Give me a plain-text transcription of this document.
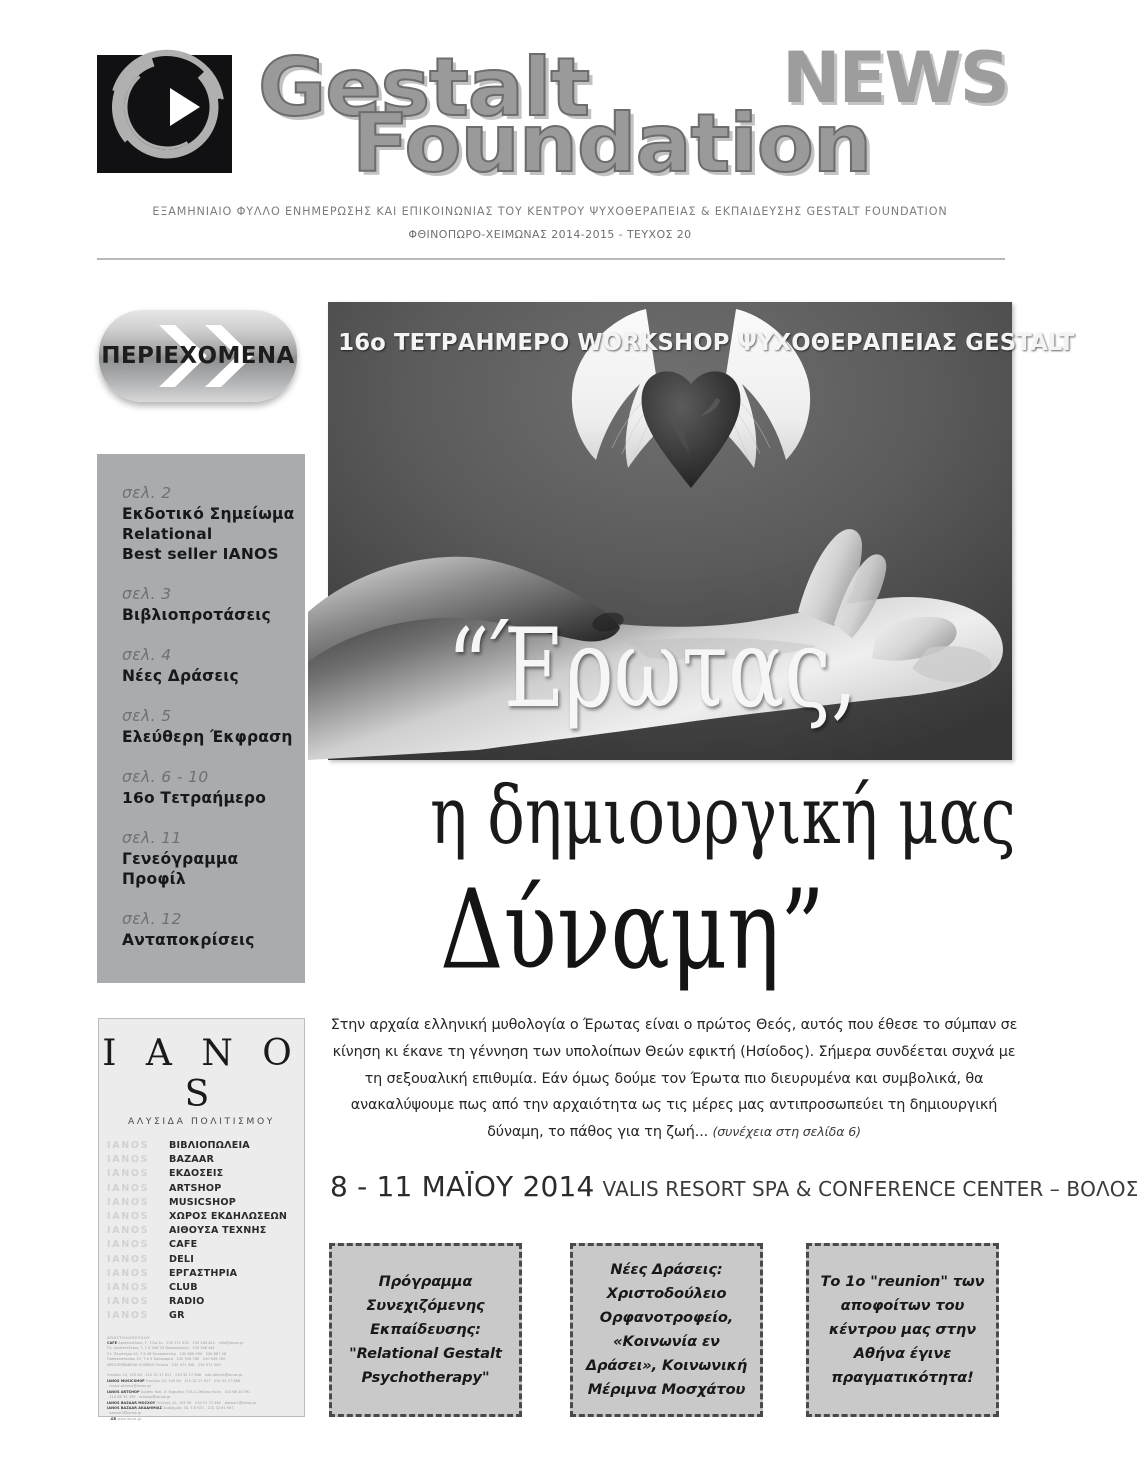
Gestalt
Foundation
NEWS
ΕΞΑΜΗΝΙΑΙΟ ΦΥΛΛΟ ΕΝΗΜΕΡΩΣΗΣ ΚΑΙ ΕΠΙΚΟΙΝΩΝΙΑΣ ΤΟΥ ΚΕΝΤΡΟΥ ΨΥΧΟΘΕΡΑΠΕΙΑΣ & ΕΚΠΑΙΔΕΥΣΗΣ GESTALT FOUNDATION
ΦΘΙΝΟΠΩΡΟ-ΧΕΙΜΩΝΑΣ 2014-2015 - ΤΕΥΧΟΣ 20
ΠΕΡΙΕΧΟΜΕΝΑ
σελ. 2
Εκδοτικό Σημείωμα
Relational
Best seller IANOS
σελ. 3
Βιβλιοπροτάσεις
σελ. 4
Νέες Δράσεις
σελ. 5
Ελεύθερη Έκφραση
σελ. 6 - 10
16ο Τετραήμερο
σελ. 11
Γενεόγραμμα
Προφίλ
σελ. 12
Ανταποκρίσεις
I A N O S
ΑΛΥΣΙΔΑ ΠΟΛΙΤΙΣΜΟΥ
IANOS	ΒΙΒΛΙΟΠΩΛΕΙΑ
IANOS	BAZAAR
IANOS	ΕΚΔΟΣΕΙΣ
IANOS	ARTSHOP
IANOS	MUSICSHOP
IANOS	ΧΩΡΟΣ ΕΚΔΗΛΩΣΕΩΝ
IANOS	ΑΙΘΟΥΣΑ ΤΕΧΝΗΣ
IANOS	CAFE
IANOS	DELI
IANOS	ΕΡΓΑΣΤΗΡΙΑ
IANOS	CLUB
IANOS	RADIO
IANOS	GR
ΑΠΟΣΤΟΛΟΠΟΥΛΟΥ
CAFE Αριστοτέλους 7, Τ.Κα 2ο   230 271 934   230 284 812   info@ianos.gr
Πλ. Αριστοτέλους 7, Τ.Κ 546 23 Θεσσαλονίκη   230 268 481
Στ. Πλαστήρα 45, Τ.Κ 48 Θεσσαλονίκη   230 866 090   230 867 48
Παπαναστασίου 19, Τ.Κ 9 Καλαμαριά   230 926 780   230 926 780
MEDITERRANEAN COSMOS Πυλαία   230 471 308   230 471 309

Σταδίου 24, 105 64   210 32 17 917   210 32 17 686   info.athens@ianos.gr
IANOS MUSICSHOP Σταδίου 24, 105 64   210 32 17 917   210 32 17 686
music.athens@ianos.gr
IANOS ARTSHOP Golden Hall, Λ. Κηφισίας 37Α & Σπύρου Λούη   210 68 30 391
210 68 30 399   artshop@ianos.gr
IANOS BAZAAR ΜΟΣΧΟΥ Πελίνας 42, 105 09   210 57 71 362   bazaar1@ianos.gr
IANOS BAZAAR ΑΚΑΔΗΜΙΑΣ Ακαδημίας 34, Τ.Κ 671   210 32 61 947
bazaar3@ianos.gr
.GR www.ianos.gr
16ο ΤΕΤΡΑΗΜΕΡΟ WORKSHOP ΨΥΧΟΘΕΡΑΠΕΙΑΣ GESTALT
“Έρωτας,
η δημιουργική μας
Δύναμη”
Στην αρχαία ελληνική μυθολογία ο Έρωτας είναι ο πρώτος Θεός, αυτός που έθεσε το σύμπαν σε κίνηση κι έκανε τη γέννηση των υπολοίπων Θεών εφικτή (Ησίοδος). Σήμερα συνδέεται συχνά με τη σεξουαλική επιθυμία. Εάν όμως δούμε τον Έρωτα πιο διευρυμένα και συμβολικά, θα ανακαλύψουμε πως από την αρχαιότητα ως τις μέρες μας αντιπροσωπεύει τη δημιουργική δύναμη, το πάθος για τη ζωή... (συνέχεια στη σελίδα 6)
8 - 11 ΜΑΪΟΥ 2014 VALIS RESORT SPA & CONFERENCE CENTER – ΒΟΛΟΣ
Πρόγραμμα Συνεχιζόμενης Εκπαίδευσης: "Relational Gestalt Psychotherapy"
Νέες Δράσεις: Χριστοδούλειο Ορφανοτροφείο, «Κοινωνία εν Δράσει», Κοινωνική Μέριμνα Μοσχάτου
Το 1ο "reunion" των αποφοίτων του κέντρου μας στην Αθήνα έγινε πραγματικότητα!
